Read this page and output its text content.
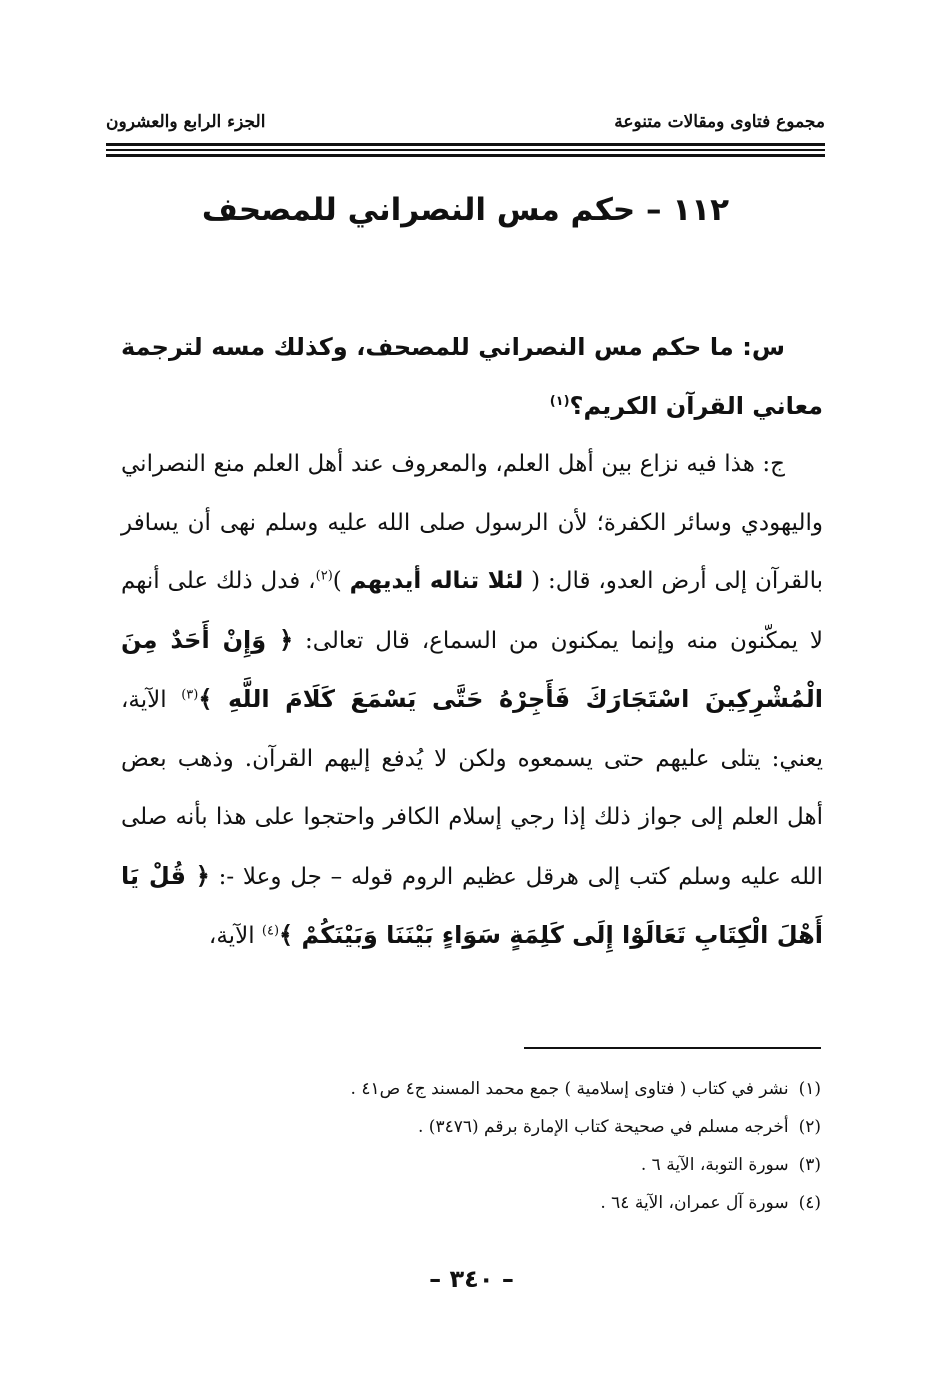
مجموع فتاوى ومقالات متنوعة
الجزء الرابع والعشرون
١١٢ – حكم مس النصراني للمصحف

س: ما حكم مس النصراني للمصحف، وكذلك مسه لترجمة معاني القرآن الكريم؟$^{(١)}$

ج: هذا فيه نزاع بين أهل العلم، والمعروف عند أهل العلم منع النصراني واليهودي وسائر الكفرة؛ لأن الرسول صلى الله عليه وسلم نهى أن يسافر بالقرآن إلى أرض العدو، قال: ( لئلا تناله أيديهم )$^{(٢)}$، فدل ذلك على أنهم لا يمكّنون منه وإنما يمكنون من السماع، قال تعالى: ﴿ وَإِنْ أَحَدٌ مِنَ الْمُشْرِكِينَ اسْتَجَارَكَ فَأَجِرْهُ حَتَّى يَسْمَعَ كَلَامَ اللَّهِ ﴾$^{(٣)}$ الآية، يعني: يتلى عليهم حتى يسمعوه ولكن لا يُدفع إليهم القرآن. وذهب بعض أهل العلم إلى جواز ذلك إذا رجي إسلام الكافر واحتجوا على هذا بأنه صلى الله عليه وسلم كتب إلى هرقل عظيم الروم قوله – جل وعلا -: ﴿ قُلْ يَا أَهْلَ الْكِتَابِ تَعَالَوْا إِلَى كَلِمَةٍ سَوَاءٍ بَيْنَنَا وَبَيْنَكُمْ ﴾$^{(٤)}$ الآية،

(١)نشر في كتاب ( فتاوى إسلامية ) جمع محمد المسند ج٤ ص٤١ .
(٢)أخرجه مسلم في صحيحة كتاب الإمارة برقم (٣٤٧٦) .
(٣)سورة التوبة، الآية ٦ .
(٤)سورة آل عمران، الآية ٦٤ .
– ٣٤٠ –
